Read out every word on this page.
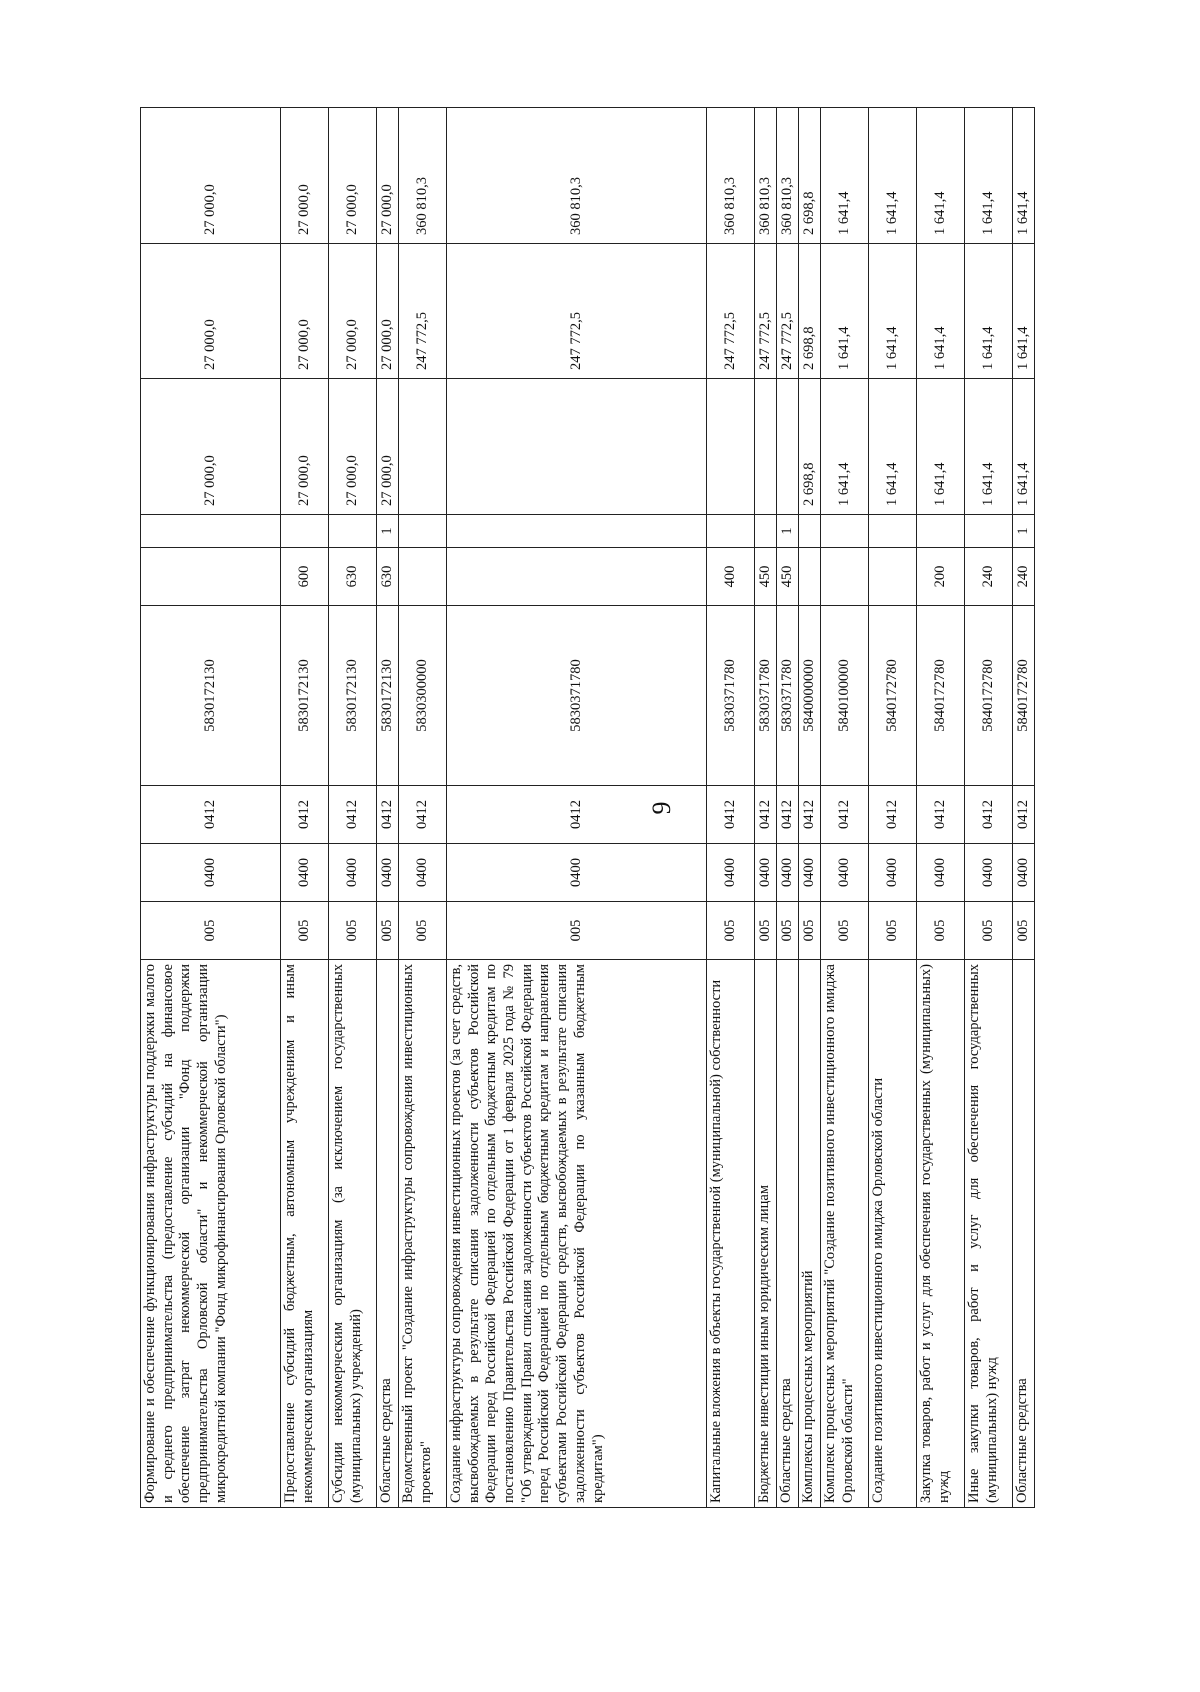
9
Формирование и обеспечение функционирования инфраструктуры поддержки малого и среднего предпринимательства (предоставление субсидий на финансовое обеспечение затрат некоммерческой организации "Фонд поддержки предпринимательства Орловской области" и некоммерческой организации микрокредитной компании "Фонд микрофинансирования Орловской области")	005	0400	0412	5830172130			27 000,0	27 000,0	27 000,0
Предоставление субсидий бюджетным, автономным учреждениям и иным некоммерческим организациям	005	0400	0412	5830172130	600		27 000,0	27 000,0	27 000,0
Субсидии некоммерческим организациям (за исключением государственных (муниципальных) учреждений)	005	0400	0412	5830172130	630		27 000,0	27 000,0	27 000,0
Областные средства	005	0400	0412	5830172130	630	1	27 000,0	27 000,0	27 000,0
Ведомственный проект "Создание инфраструктуры сопровождения инвестиционных проектов"	005	0400	0412	5830300000				247 772,5	360 810,3
Создание инфраструктуры сопровождения инвестиционных проектов (за счет средств, высвобождаемых в результате списания задолженности субъектов Российской Федерации перед Российской Федерацией по отдельным бюджетным кредитам по постановлению Правительства Российской Федерации от 1 февраля 2025 года № 79 "Об утверждении Правил списания задолженности субъектов Российской Федерации перед Российской Федерацией по отдельным бюджетным кредитам и направления субъектами Российской Федерации средств, высвобождаемых в результате списания задолженности субъектов Российской Федерации по указанным бюджетным кредитам")	005	0400	0412	5830371780				247 772,5	360 810,3
Капитальные вложения в объекты государственной (муниципальной) собственности	005	0400	0412	5830371780	400			247 772,5	360 810,3
Бюджетные инвестиции иным юридическим лицам	005	0400	0412	5830371780	450			247 772,5	360 810,3
Областные средства	005	0400	0412	5830371780	450	1		247 772,5	360 810,3
Комплексы процессных мероприятий	005	0400	0412	5840000000			2 698,8	2 698,8	2 698,8
Комплекс процессных мероприятий "Создание позитивного инвестиционного имиджа Орловской области"	005	0400	0412	5840100000			1 641,4	1 641,4	1 641,4
Создание позитивного инвестиционного имиджа Орловской области	005	0400	0412	5840172780			1 641,4	1 641,4	1 641,4
Закупка товаров, работ и услуг для обеспечения государственных (муниципальных) нужд	005	0400	0412	5840172780	200		1 641,4	1 641,4	1 641,4
Иные закупки товаров, работ и услуг для обеспечения государственных (муниципальных) нужд	005	0400	0412	5840172780	240		1 641,4	1 641,4	1 641,4
Областные средства	005	0400	0412	5840172780	240	1	1 641,4	1 641,4	1 641,4
